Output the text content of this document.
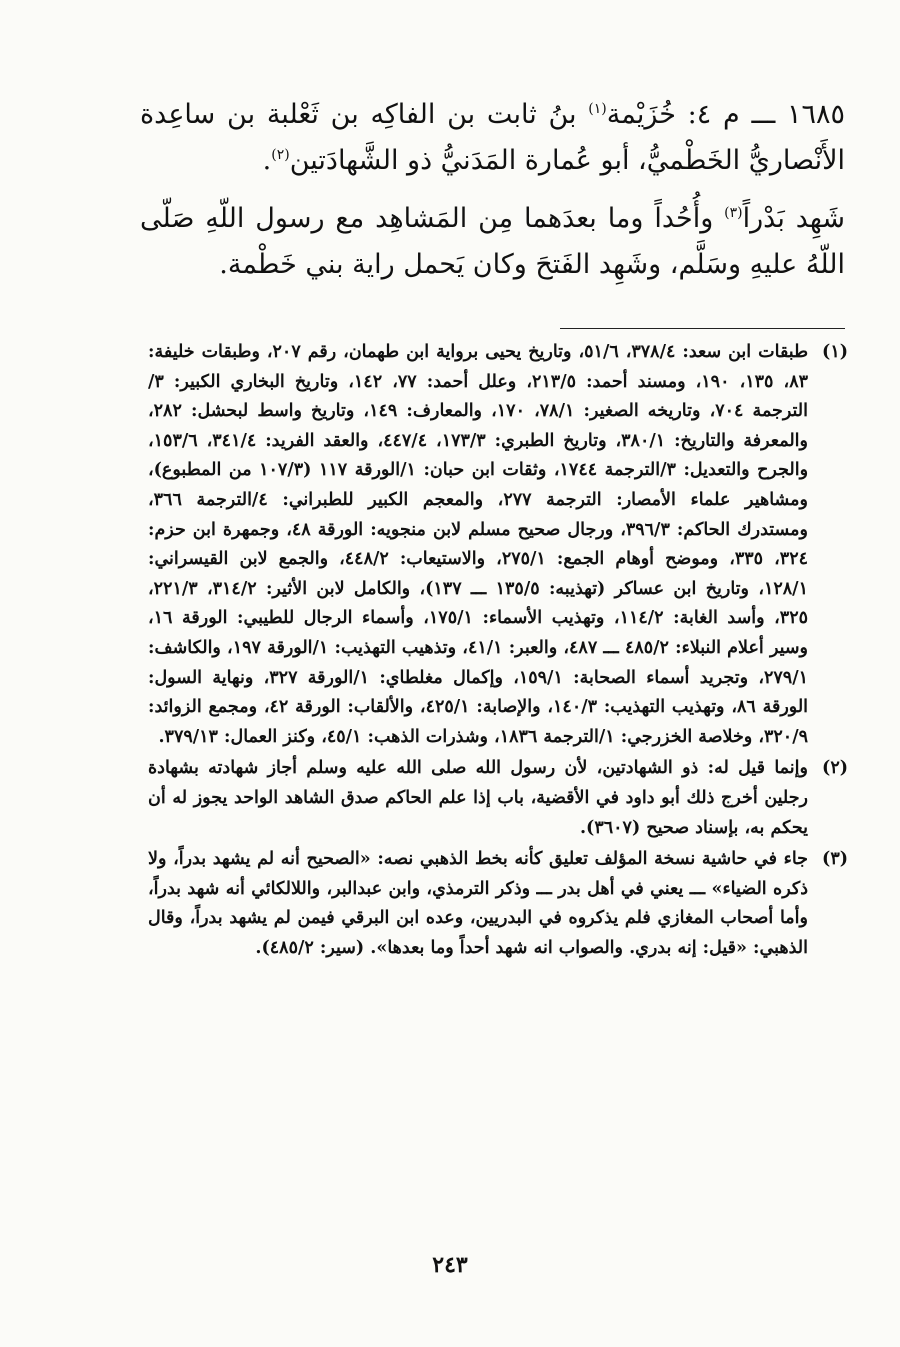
١٦٨٥ ـــ م ٤: خُزَيْمة$^{(١)}$ بنُ ثابت بن الفاكِه بن ثَعْلبة بن ساعِدة الأَنْصاريُّ الخَطْميُّ، أبو عُمارة المَدَنيُّ ذو الشَّهادَتين$^{(٢)}$.

شَهِد بَدْراً$^{(٣)}$ وأُحُداً وما بعدَهما مِن المَشاهِد مع رسول اللّهِ صَلّى اللّهُ عليهِ وسَلَّم، وشَهِد الفَتحَ وكان يَحمل راية بني خَطْمة.

(١)
طبقات ابن سعد: ٣٧٨/٤، ٥١/٦، وتاريخ يحيى برواية ابن طهمان، رقم ٢٠٧، وطبقات خليفة: ٨٣، ١٣٥، ١٩٠، ومسند أحمد: ٢١٣/٥، وعلل أحمد: ٧٧، ١٤٢، وتاريخ البخاري الكبير: ٣/الترجمة ٧٠٤، وتاريخه الصغير: ٧٨/١، ١٧٠، والمعارف: ١٤٩، وتاريخ واسط لبحشل: ٢٨٢، والمعرفة والتاريخ: ٣٨٠/١، وتاريخ الطبري: ١٧٣/٣، ٤٤٧/٤، والعقد الفريد: ٣٤١/٤، ١٥٣/٦، والجرح والتعديل: ٣/الترجمة ١٧٤٤، وثقات ابن حبان: ١/الورقة ١١٧ (١٠٧/٣ من المطبوع)، ومشاهير علماء الأمصار: الترجمة ٢٧٧، والمعجم الكبير للطبراني: ٤/الترجمة ٣٦٦، ومستدرك الحاكم: ٣٩٦/٣، ورجال صحيح مسلم لابن منجويه: الورقة ٤٨، وجمهرة ابن حزم: ٣٢٤، ٣٣٥، وموضح أوهام الجمع: ٢٧٥/١، والاستيعاب: ٤٤٨/٢، والجمع لابن القيسراني: ١٢٨/١، وتاريخ ابن عساكر (تهذيبه: ١٣٥/٥ ـــ ١٣٧)، والكامل لابن الأثير: ٣١٤/٢، ٢٢١/٣، ٣٢٥، وأسد الغابة: ١١٤/٢، وتهذيب الأسماء: ١٧٥/١، وأسماء الرجال للطيبي: الورقة ١٦، وسير أعلام النبلاء: ٤٨٥/٢ ـــ ٤٨٧، والعبر: ٤١/١، وتذهيب التهذيب: ١/الورقة ١٩٧، والكاشف: ٢٧٩/١، وتجريد أسماء الصحابة: ١٥٩/١، وإكمال مغلطاي: ١/الورقة ٣٢٧، ونهاية السول: الورقة ٨٦، وتهذيب التهذيب: ١٤٠/٣، والإصابة: ٤٢٥/١، والألقاب: الورقة ٤٢، ومجمع الزوائد: ٣٢٠/٩، وخلاصة الخزرجي: ١/الترجمة ١٨٣٦، وشذرات الذهب: ٤٥/١، وكنز العمال: ٣٧٩/١٣.
(٢)
وإنما قيل له: ذو الشهادتين، لأن رسول الله صلى الله عليه وسلم أجاز شهادته بشهادة رجلين أخرج ذلك أبو داود في الأقضية، باب إذا علم الحاكم صدق الشاهد الواحد يجوز له أن يحكم به، بإسناد صحيح (٣٦٠٧).
(٣)
جاء في حاشية نسخة المؤلف تعليق كأنه بخط الذهبي نصه: «الصحيح أنه لم يشهد بدراً، ولا ذكره الضياء» ـــ يعني في أهل بدر ـــ وذكر الترمذي، وابن عبدالبر، واللالكائي أنه شهد بدراً، وأما أصحاب المغازي فلم يذكروه في البدريين، وعده ابن البرقي فيمن لم يشهد بدراً، وقال الذهبي: «قيل: إنه بدري. والصواب انه شهد أحداً وما بعدها». (سير: ٤٨٥/٢).
٢٤٣
